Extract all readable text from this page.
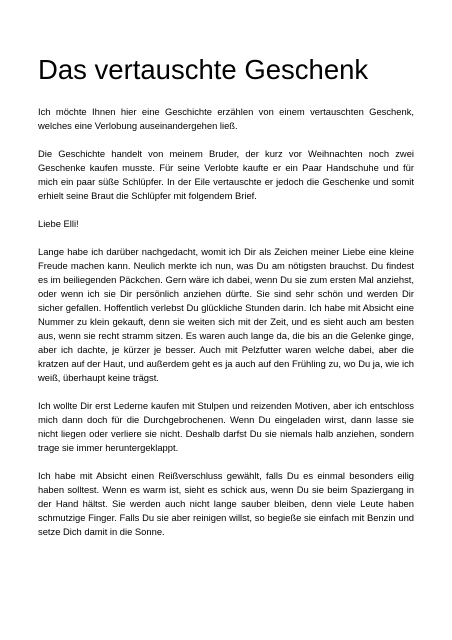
Das vertauschte Geschenk

Ich möchte Ihnen hier eine Geschichte erzählen von einem vertauschten Geschenk, welches eine Verlobung auseinandergehen ließ.

Die Geschichte handelt von meinem Bruder, der kurz vor Weihnachten noch zwei Geschenke kaufen musste. Für seine Verlobte kaufte er ein Paar Handschuhe und für mich ein paar süße Schlüpfer. In der Eile vertauschte er jedoch die Geschenke und somit erhielt seine Braut die Schlüpfer mit folgendem Brief.

Liebe Elli!

Lange habe ich darüber nachgedacht, womit ich Dir als Zeichen meiner Liebe eine kleine Freude machen kann. Neulich merkte ich nun, was Du am nötigsten brauchst. Du findest es im beiliegenden Päckchen. Gern wäre ich dabei, wenn Du sie zum ersten Mal anziehst, oder wenn ich sie Dir persönlich anziehen dürfte. Sie sind sehr schön und werden Dir sicher gefallen. Hoffentlich verlebst Du glückliche Stunden darin. Ich habe mit Absicht eine Nummer zu klein gekauft, denn sie weiten sich mit der Zeit, und es sieht auch am besten aus, wenn sie recht stramm sitzen. Es waren auch lange da, die bis an die Gelenke ginge, aber ich dachte, je kürzer je besser. Auch mit Pelzfutter waren welche dabei, aber die kratzen auf der Haut, und außerdem geht es ja auch auf den Frühling zu, wo Du ja, wie ich weiß, überhaupt keine trägst.

Ich wollte Dir erst Lederne kaufen mit Stulpen und reizenden Motiven, aber ich entschloss mich dann doch für die Durchgebrochenen. Wenn Du eingeladen wirst, dann lasse sie nicht liegen oder verliere sie nicht. Deshalb darfst Du sie niemals halb anziehen, sondern trage sie immer heruntergeklappt.

Ich habe mit Absicht einen Reißverschluss gewählt, falls Du es einmal besonders eilig haben solltest. Wenn es warm ist, sieht es schick aus, wenn Du sie beim Spaziergang in der Hand hältst. Sie werden auch nicht lange sauber bleiben, denn viele Leute haben schmutzige Finger. Falls Du sie aber reinigen willst, so begieße sie einfach mit Benzin und setze Dich damit in die Sonne.
